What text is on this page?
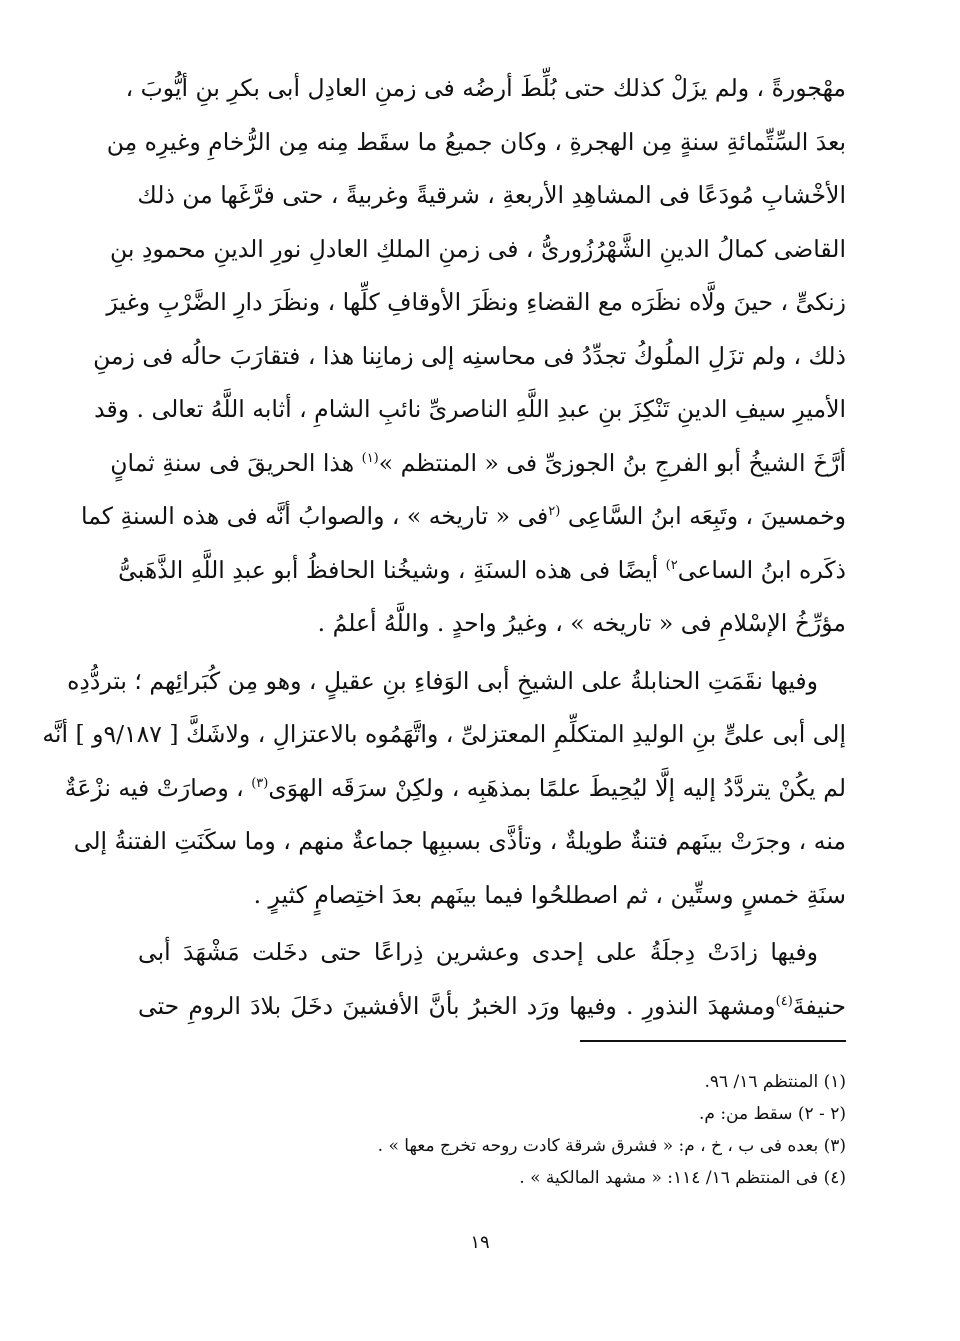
مهْجورةً ، ولم يزَلْ كذلك حتى بُلِّطَ أرضُه فى زمنِ العادِل أبى بكرِ بنِ أيُّوبَ ،
بعدَ السِّتِّمائةِ سنةٍ مِن الهجرةِ ، وكان جميعُ ما سقَط مِنه مِن الرُّخامِ وغيرِه مِن
الأخْشابِ مُودَعًا فى المشاهِدِ الأربعةِ ، شرقيةً وغربيةً ، حتى فرَّغَها من ذلك
القاضى كمالُ الدينِ الشَّهْرُزُورىُّ ، فى زمنِ الملكِ العادلِ نورِ الدينِ محمودِ بنِ
زنكىٍّ ، حينَ ولَّاه نظَرَه مع القضاءِ ونظَرَ الأوقافِ كلِّها ، ونظَرَ دارِ الضَّرْبِ وغيرَ
ذلك ، ولم تزَلِ الملُوكُ تجدِّدُ فى محاسنِه إلى زمانِنا هذا ، فتقارَبَ حالُه فى زمنِ
الأميرِ سيفِ الدينِ تَنْكِزَ بنِ عبدِ اللَّهِ الناصرىِّ نائبِ الشامِ ، أثابه اللَّهُ تعالى . وقد
أرَّخَ الشيخُ أبو الفرجِ بنُ الجوزىِّ فى « المنتظم »$^{(١)}$ هذا الحريقَ فى سنةِ ثمانٍ
وخمسينَ ، وتَبِعَه ابنُ السَّاعِى $^{(٢}$فى « تاريخه » ، والصوابُ أنَّه فى هذه السنةِ كما
ذكَره ابنُ الساعى$^{٢)}$ أيضًا فى هذه السنَةِ ، وشيخُنا الحافظُ أبو عبدِ اللَّهِ الذَّهَبىُّ
مؤرِّخُ الإسْلامِ فى « تاريخه » ، وغيرُ واحدٍ . واللَّهُ أعلمُ .
وفيها نقَمَتِ الحنابلةُ على الشيخِ أبى الوَفاءِ بنِ عقيلٍ ، وهو مِن كُبَرائِهم ؛ بتردُّدِه
إلى أبى علىٍّ بنِ الوليدِ المتكلِّمِ المعتزلىِّ ، واتَّهَمُوه بالاعتزالِ ، ولاشَكَّ [ ٩/١٨٧و ] أنَّه
لم يكُنْ يتردَّدُ إليه إلَّا ليُحِيطَ علمًا بمذهَبِه ، ولكِنْ سرَقَه الهوَى$^{(٣)}$ ، وصارَتْ فيه نزْعَةٌ
منه ، وجرَتْ بينَهم فتنةٌ طويلةٌ ، وتأذَّى بسببِها جماعةٌ منهم ، وما سكَنَتِ الفتنةُ إلى
سنَةِ خمسٍ وستِّين ، ثم اصطلحُوا فيما بينَهم بعدَ اختِصامٍ كثيرٍ .
وفيها زادَتْ دِجلَةُ على إحدى وعشرين ذِراعًا حتى دخَلت مَشْهَدَ أبى
حنيفةَ$^{(٤)}$ومشهدَ النذورِ . وفيها ورَد الخبرُ بأنَّ الأفشينَ دخَلَ بلادَ الرومِ حتى
(١) المنتظم ١٦/ ٩٦.
(٢ - ٢) سقط من: م.
(٣) بعده فى ب ، خ ، م: « فشرق شرقة كادت روحه تخرج معها » .
(٤) فى المنتظم ١٦/ ١١٤: « مشهد المالكية » .
١٩
